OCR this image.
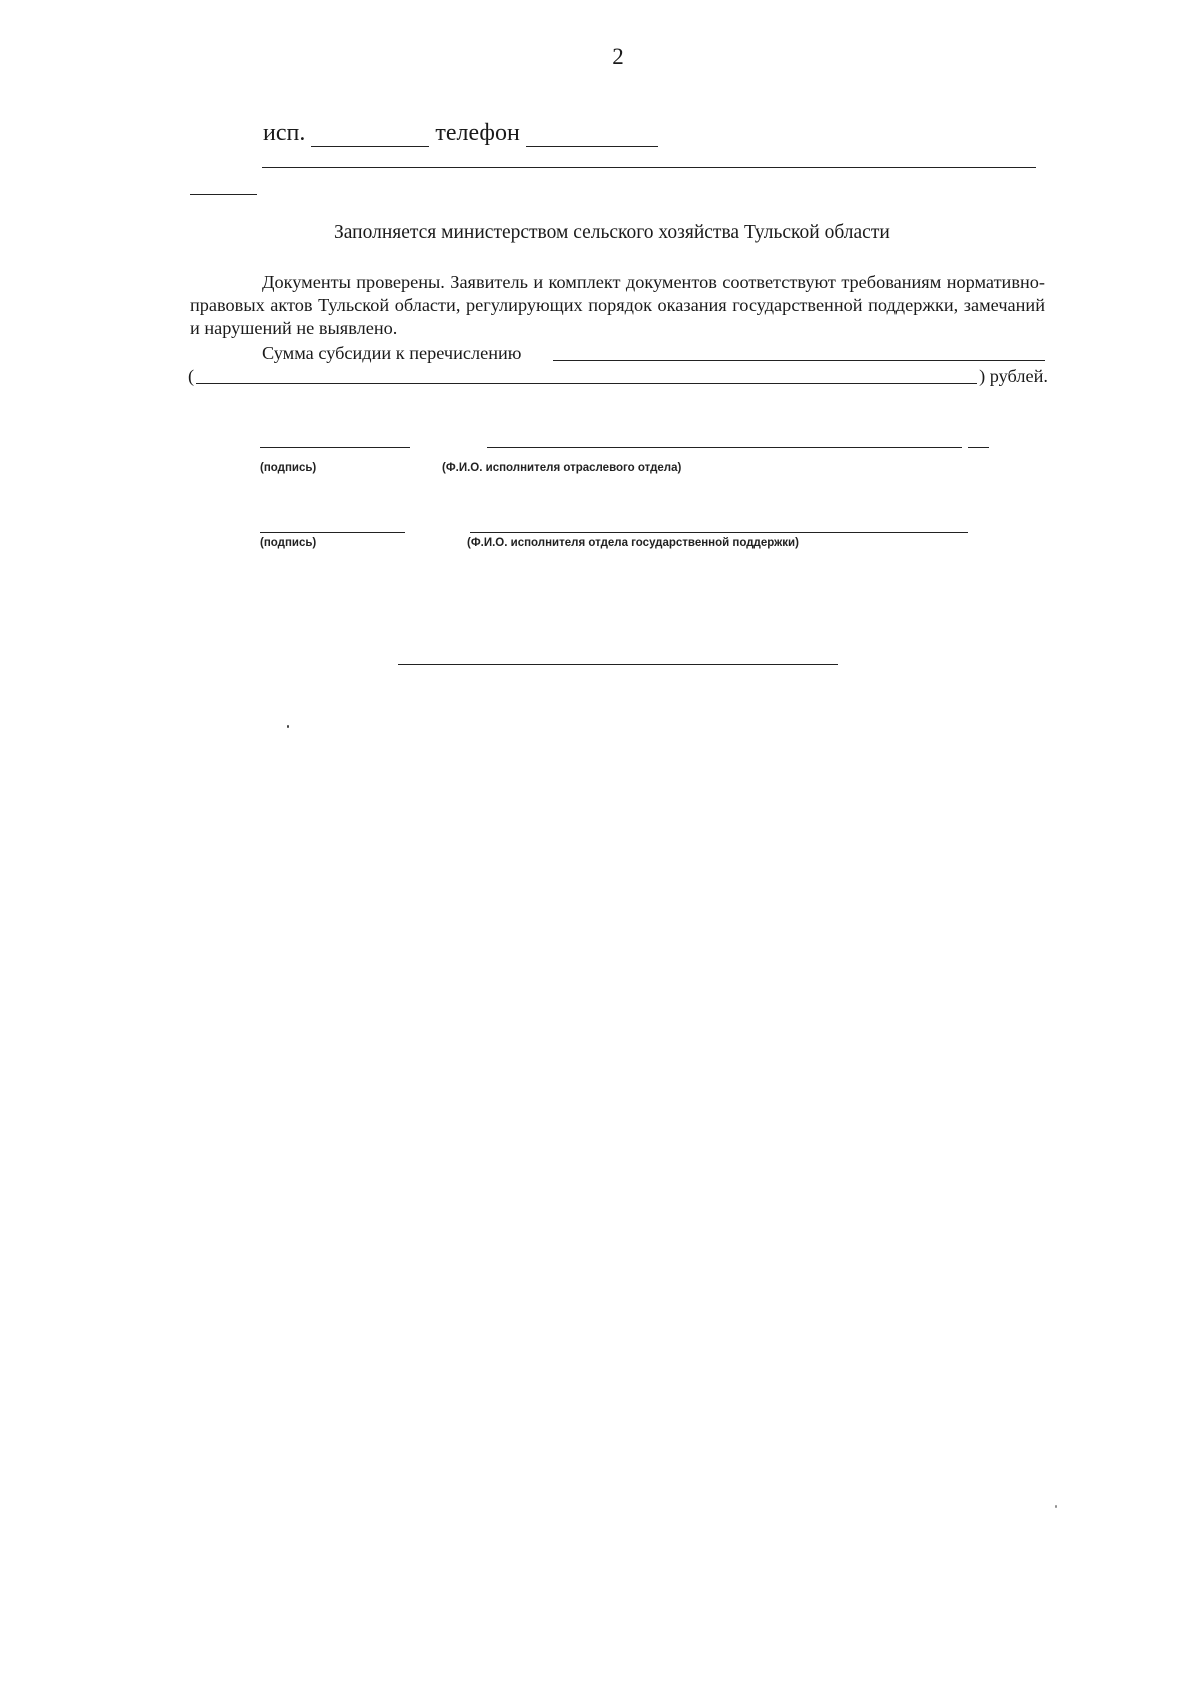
2
исп.	телефон
Заполняется министерством сельского хозяйства Тульской области
Документы проверены. Заявитель и комплект документов соответствуют требованиям нормативно-правовых актов Тульской области, регулирующих порядок оказания государственной поддержки, замечаний и нарушений не выявлено.
Сумма субсидии к перечислению
(	) рублей.
(подпись)	(Ф.И.О. исполнителя отраслевого отдела)
(подпись)	(Ф.И.О. исполнителя отдела государственной поддержки)
